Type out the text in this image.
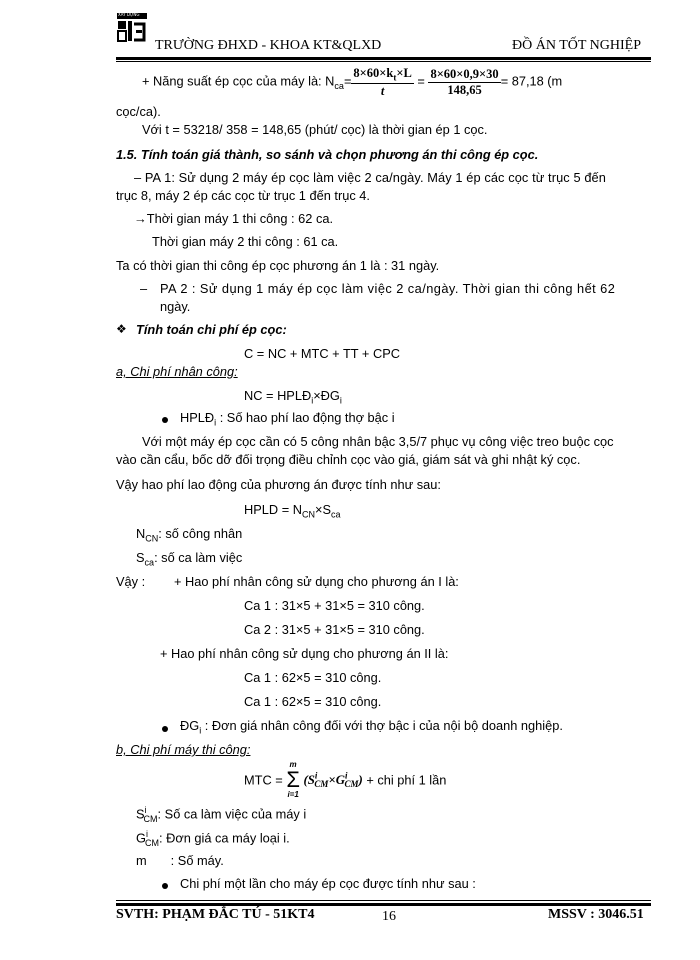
XÂY DỰNG
TRƯỜNG ĐHXD - KHOA KT&QLXD	ĐỒ ÁN TỐT NGHIỆP
+ Năng suất ép cọc của máy là: $N_{ca}= \frac{8\times 60\times k_t\times L}{t} = \frac{8\times 60\times 0,9\times 30}{148,65} = 87,18$ (m
cọc/ca).
Với t = 53218/ 358 = 148,65 (phút/ cọc) là thời gian ép 1 cọc.
1.5. Tính toán giá thành, so sánh và chọn phương án thi công ép cọc.
– PA 1: Sử dụng 2 máy ép cọc làm việc 2 ca/ngày. Máy 1 ép các cọc từ trục 5 đến
trục 8, máy 2 ép các cọc từ trục 1 đến trục 4.
→Thời gian máy 1 thi công : 62 ca.
Thời gian máy 2 thi công : 61 ca.
Ta có thời gian thi công ép cọc phương án 1 là : 31 ngày.
– PA 2 : Sử dụng 1 máy ép cọc làm việc 2 ca/ngày. Thời gian thi công hết 62
ngày.
❖ Tính toán chi phí ép cọc:
C = NC + MTC + TT + CPC
a, Chi phí nhân công:
NC = $HPLĐ_i\times ĐG_i$
$HPLĐ_i$ : Số hao phí lao động thợ bậc i
Với một máy ép cọc cần có 5 công nhân bậc 3,5/7 phục vụ công việc treo buộc cọc
vào cần cẩu, bốc dỡ đối trọng điều chỉnh cọc vào giá, giám sát và ghi nhật ký cọc.
Vậy hao phí lao động của phương án được tính như sau:
HPLD = $N_{CN}\times S_{ca}$
$N_{CN}$: số công nhân
$S_{ca}$: số ca làm việc
Vậy : + Hao phí nhân công sử dụng cho phương án I là:
Ca 1 : 31×5 + 31×5 = 310 công.
Ca 2 : 31×5 + 31×5 = 310 công.
+ Hao phí nhân công sử dụng cho phương án II là:
Ca 1 : 62×5 = 310 công.
Ca 1 : 62×5 = 310 công.
$ĐG_i$ : Đơn giá nhân công đối với thợ bậc i của nội bộ doanh nghiệp.
b, Chi phí máy thi công:
MTC =
m
Σ
i=1
$(S^i_{CM}\times G^i_{CM})$ + chi phí 1 lần
$S^i_{CM}$: Số ca làm việc của máy i
$G^i_{CM}$: Đơn giá ca máy loại i.
m : Số máy.
Chi phí một lần cho máy ép cọc được tính như sau :
SVTH: PHẠM ĐẮC TÚ - 51KT4	16	MSSV : 3046.51
